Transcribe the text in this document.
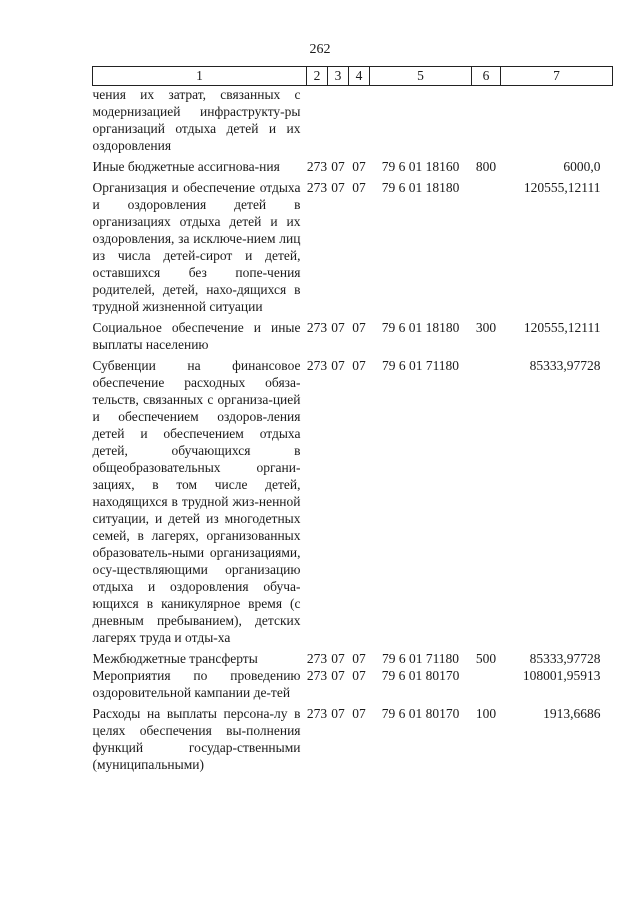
262
1	2	3	4	5	6	7
чения их затрат, связанных с модернизацией инфраструкту-ры организаций отдыха детей и их оздоровления						
Иные бюджетные ассигнова-ния	273	07	07	79 6 01 18160	800	6000,0
Организация и обеспечение отдыха и оздоровления детей в организациях отдыха детей и их оздоровления, за исключе-нием лиц из числа детей-сирот и детей, оставшихся без попе-чения родителей, детей, нахо-дящихся в трудной жизненной ситуации	273	07	07	79 6 01 18180		120555,12111
Социальное обеспечение и иные выплаты населению	273	07	07	79 6 01 18180	300	120555,12111
Субвенции на финансовое обеспечение расходных обяза-тельств, связанных с организа-цией и обеспечением оздоров-ления детей и обеспечением отдыха детей, обучающихся в общеобразовательных органи-зациях, в том числе детей, находящихся в трудной жиз-ненной ситуации, и детей из многодетных семей, в лагерях, организованных образователь-ными организациями, осу-ществляющими организацию отдыха и оздоровления обуча-ющихся в каникулярное время (с дневным пребыванием), детских лагерях труда и отды-ха	273	07	07	79 6 01 71180		85333,97728
Межбюджетные трансферты	273	07	07	79 6 01 71180	500	85333,97728
Мероприятия по проведению оздоровительной кампании де-тей	273	07	07	79 6 01 80170		108001,95913
Расходы на выплаты персона-лу в целях обеспечения вы-полнения функций государ-ственными (муниципальными)	273	07	07	79 6 01 80170	100	1913,6686
